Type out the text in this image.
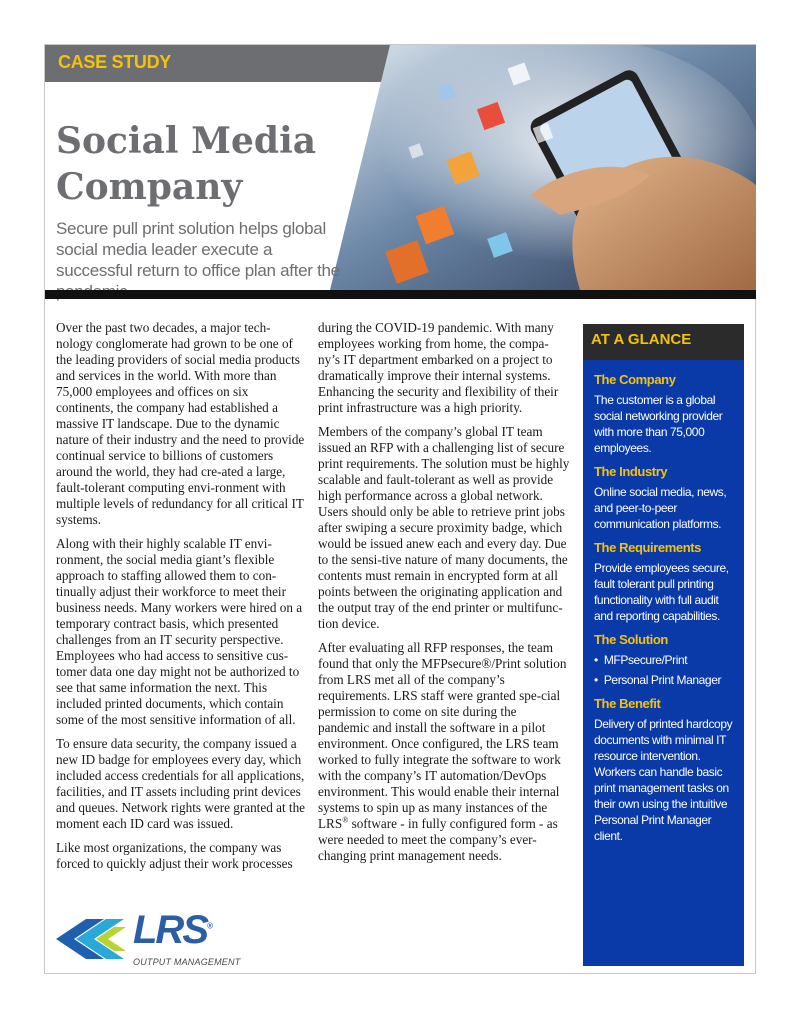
CASE STUDY
Social Media
Company
Secure pull print solution helps global social media leader execute a successful return to office plan after the

Over the past two decades, a major tech-nology conglomerate had grown to be one of the leading providers of social media products and services in the world. With more than 75,000 employees and offices on six continents, the company had established a massive IT landscape. Due to the dynamic nature of their industry and the need to provide continual service to billions of customers around the world, they had cre-ated a large, fault-tolerant computing envi-ronment with multiple levels of redundancy for all critical IT systems.

Along with their highly scalable IT envi-ronment, the social media giant’s flexible approach to staffing allowed them to con-tinually adjust their workforce to meet their business needs. Many workers were hired on a temporary contract basis, which presented challenges from an IT security perspective. Employees who had access to sensitive cus-tomer data one day might not be authorized to see that same information the next. This included printed documents, which contain some of the most sensitive information of all.

To ensure data security, the company issued a new ID badge for employees every day, which included access credentials for all applications, facilities, and IT assets including print devices and queues. Network rights were granted at the moment each ID card was issued.

Like most organizations, the company was forced to quickly adjust their work processes

during the COVID-19 pandemic. With many employees working from home, the compa-ny’s IT department embarked on a project to dramatically improve their internal systems. Enhancing the security and flexibility of their print infrastructure was a high priority.

Members of the company’s global IT team issued an RFP with a challenging list of secure print requirements. The solution must be highly scalable and fault-tolerant as well as provide high performance across a global network. Users should only be able to retrieve print jobs after swiping a secure proximity badge, which would be issued anew each and every day. Due to the sensi-tive nature of many documents, the contents must remain in encrypted form at all points between the originating application and the output tray of the end printer or multifunc-tion device.

After evaluating all RFP responses, the team found that only the MFPsecure®/Print solution from LRS met all of the company’s requirements. LRS staff were granted spe-cial permission to come on site during the pandemic and install the software in a pilot environment. Once configured, the LRS team worked to fully integrate the software to work with the company’s IT automation/DevOps environment. This would enable their internal systems to spin up as many instances of the LRS® software - in fully configured form - as were needed to meet the company’s ever-changing print management needs.

AT A GLANCE
The Company
The customer is a global social networking provider with more than 75,000 employees.
The Industry
Online social media, news, and peer-to-peer communication platforms.
The Requirements
Provide employees secure, fault tolerant pull printing functionality with full audit and reporting capabilities.
The Solution
• MFPsecure/Print
• Personal Print Manager
The Benefit
Delivery of printed hardcopy documents with minimal IT resource intervention. Workers can handle basic print management tasks on their own using the intuitive Personal Print Manager client.
LRS®
OUTPUT MANAGEMENT
